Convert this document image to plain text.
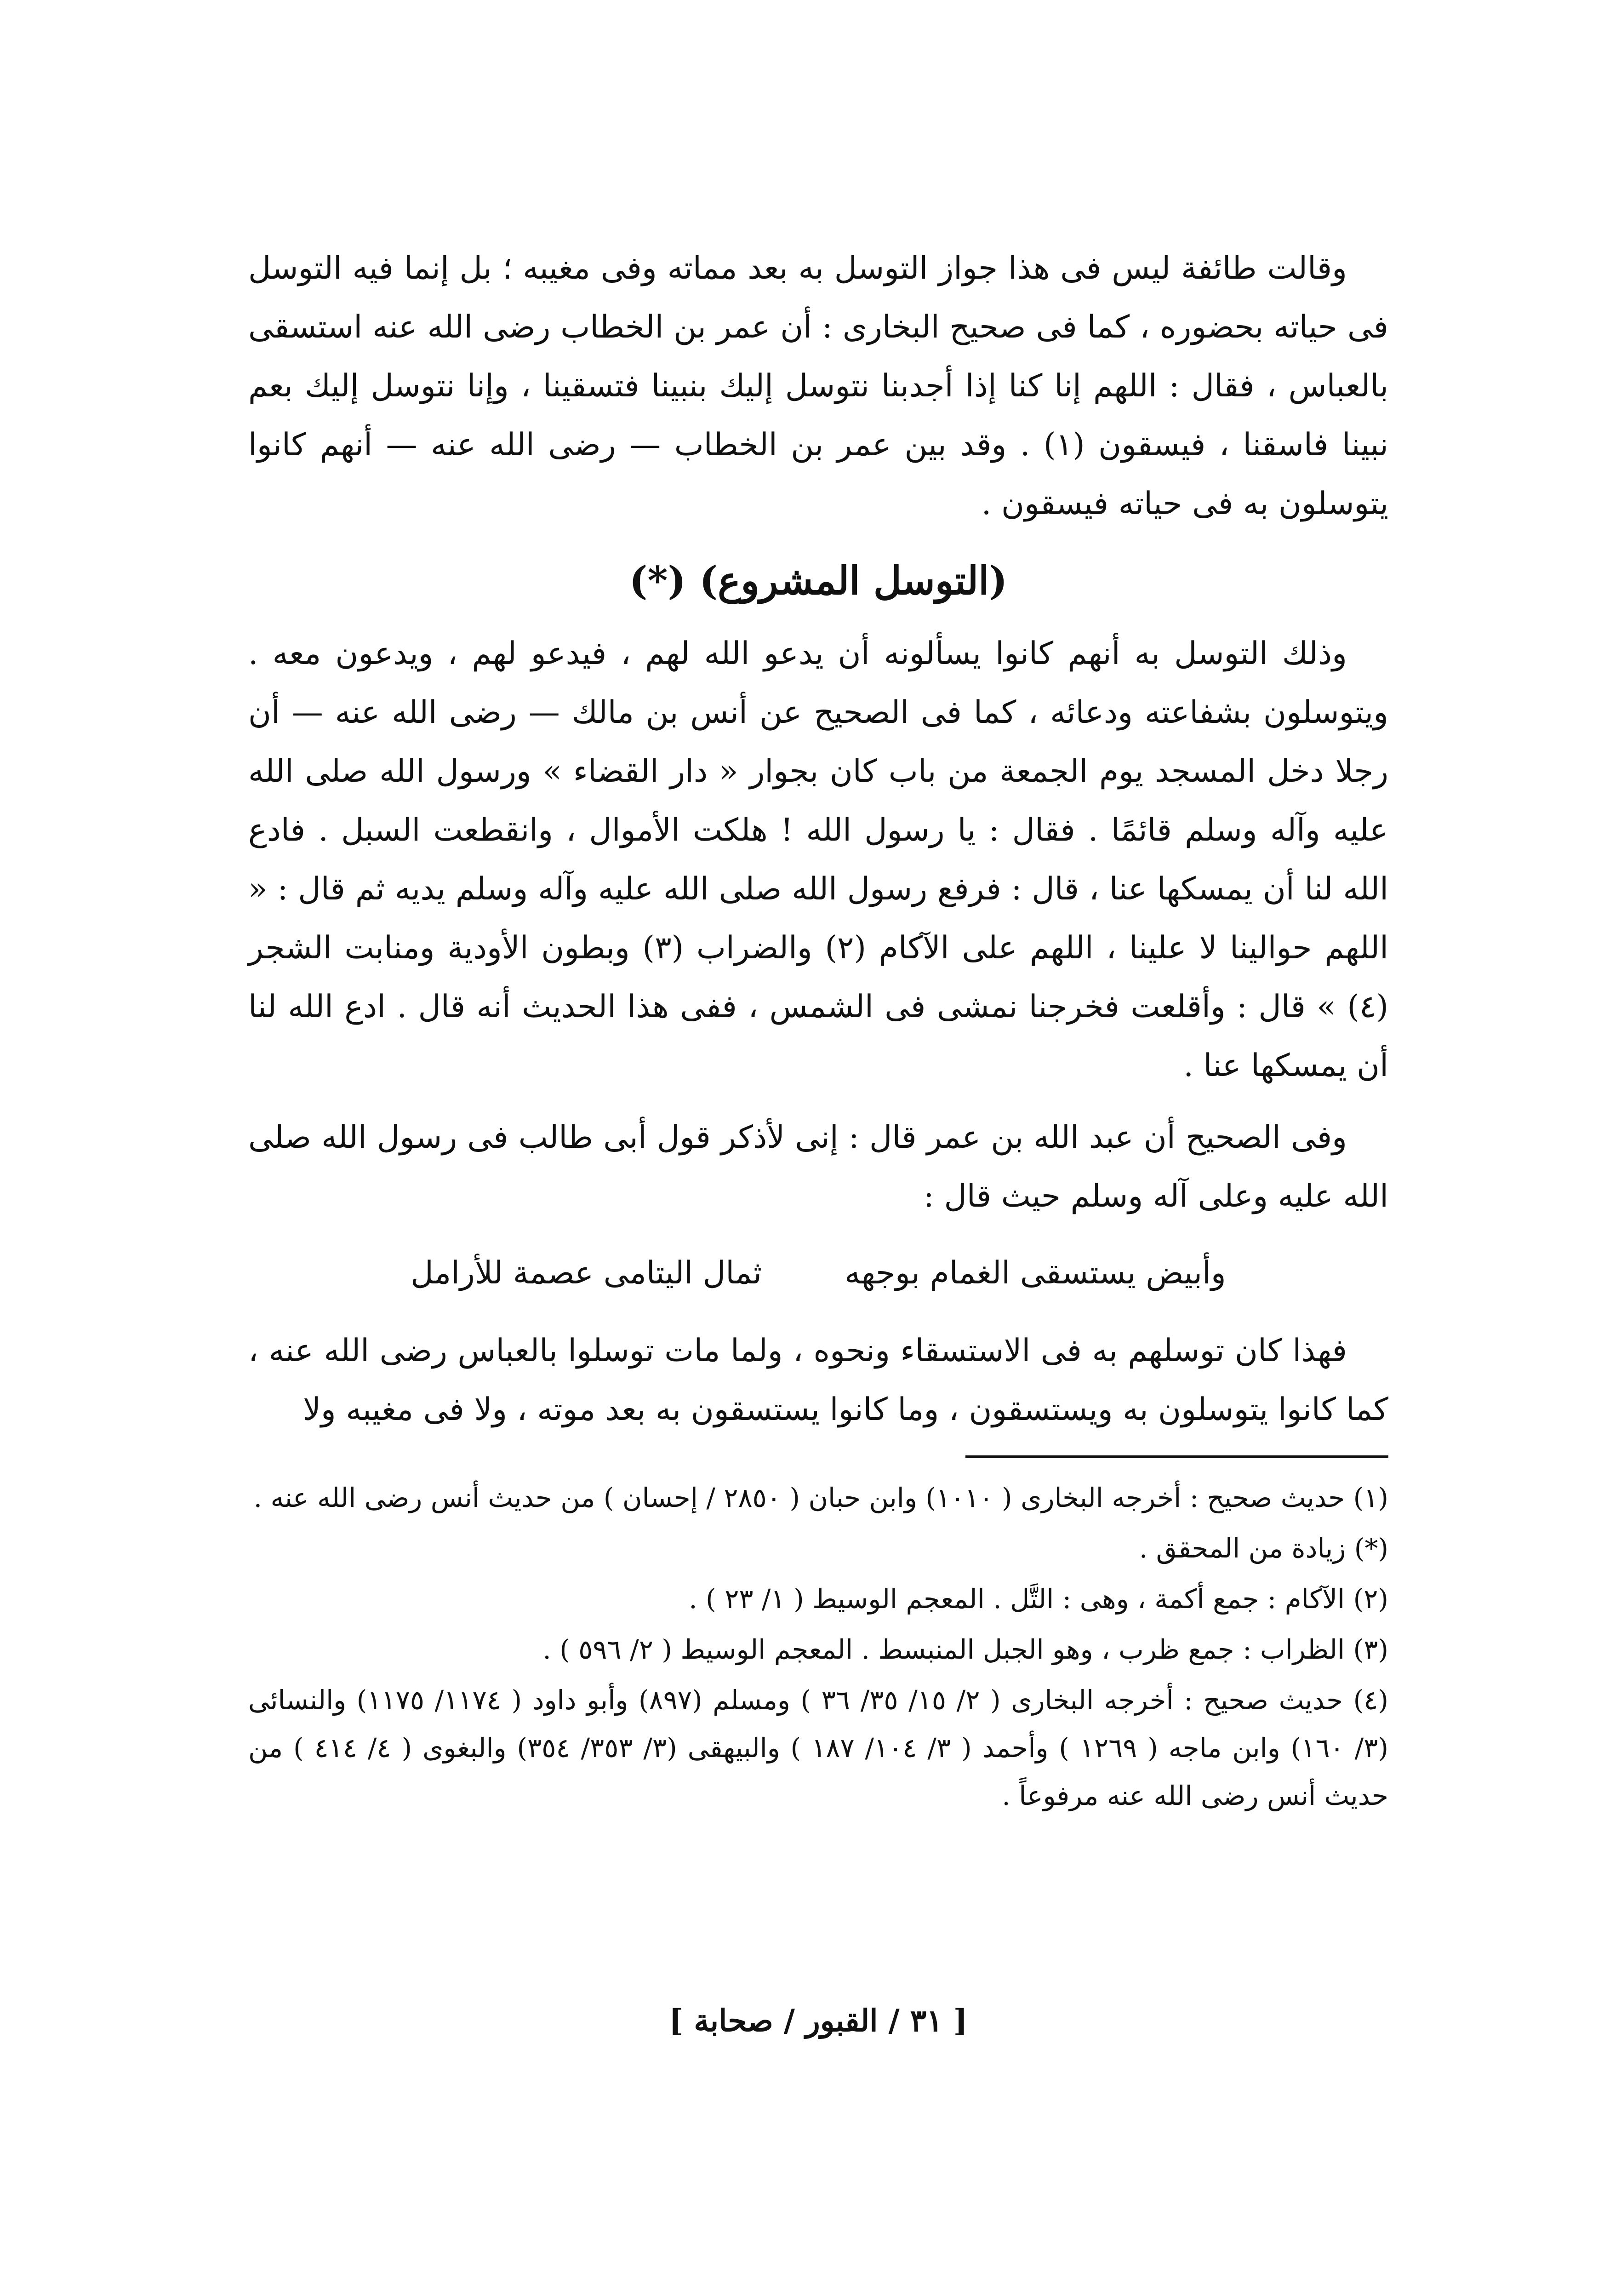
وقالت طائفة ليس فى هذا جواز التوسل به بعد مماته وفى مغيبه ؛ بل إنما فيه التوسل فى حياته بحضوره ، كما فى صحيح البخارى : أن عمر بن الخطاب رضى الله عنه استسقى بالعباس ، فقال : اللهم إنا كنا إذا أجدبنا نتوسل إليك بنبينا فتسقينا ، وإنا نتوسل إليك بعم نبينا فاسقنا ، فيسقون (١) . وقد بين عمر بن الخطاب — رضى الله عنه — أنهم كانوا يتوسلون به فى حياته فيسقون .

(التوسل المشروع) (*)

وذلك التوسل به أنهم كانوا يسألونه أن يدعو الله لهم ، فيدعو لهم ، ويدعون معه . ويتوسلون بشفاعته ودعائه ، كما فى الصحيح عن أنس بن مالك — رضى الله عنه — أن رجلا دخل المسجد يوم الجمعة من باب كان بجوار « دار القضاء » ورسول الله صلى الله عليه وآله وسلم قائمًا . فقال : يا رسول الله ! هلكت الأموال ، وانقطعت السبل . فادع الله لنا أن يمسكها عنا ، قال : فرفع رسول الله صلى الله عليه وآله وسلم يديه ثم قال : « اللهم حوالينا لا علينا ، اللهم على الآكام (٢) والضراب (٣) وبطون الأودية ومنابت الشجر (٤) » قال : وأقلعت فخرجنا نمشى فى الشمس ، ففى هذا الحديث أنه قال . ادع الله لنا أن يمسكها عنا .

وفى الصحيح أن عبد الله بن عمر قال : إنى لأذكر قول أبى طالب فى رسول الله صلى الله عليه وعلى آله وسلم حيث قال :

وأبيض يستسقى الغمام بوجهه
ثمال اليتامى عصمة للأرامل

فهذا كان توسلهم به فى الاستسقاء ونحوه ، ولما مات توسلوا بالعباس رضى الله عنه ، كما كانوا يتوسلون به ويستسقون ، وما كانوا يستسقون به بعد موته ، ولا فى مغيبه ولا

(١) حديث صحيح : أخرجه البخارى ( ١٠١٠) وابن حبان ( ٢٨٥٠ / إحسان ) من حديث أنس رضى الله عنه .

(*) زيادة من المحقق .

(٢) الآكام : جمع أكمة ، وهى : التَّل . المعجم الوسيط ( ١/ ٢٣ ) .

(٣) الظراب : جمع ظرب ، وهو الجبل المنبسط . المعجم الوسيط ( ٢/ ٥٩٦ ) .

(٤) حديث صحيح : أخرجه البخارى ( ٢/ ١٥/ ٣٥/ ٣٦ ) ومسلم (٨٩٧) وأبو داود ( ١١٧٤/ ١١٧٥) والنسائى (٣/ ١٦٠) وابن ماجه ( ١٢٦٩ ) وأحمد ( ٣/ ١٠٤/ ١٨٧ ) والبيهقى (٣/ ٣٥٣/ ٣٥٤) والبغوى ( ٤/ ٤١٤ ) من حديث أنس رضى الله عنه مرفوعاً .

[ ٣١ / القبور / صحابة ]
